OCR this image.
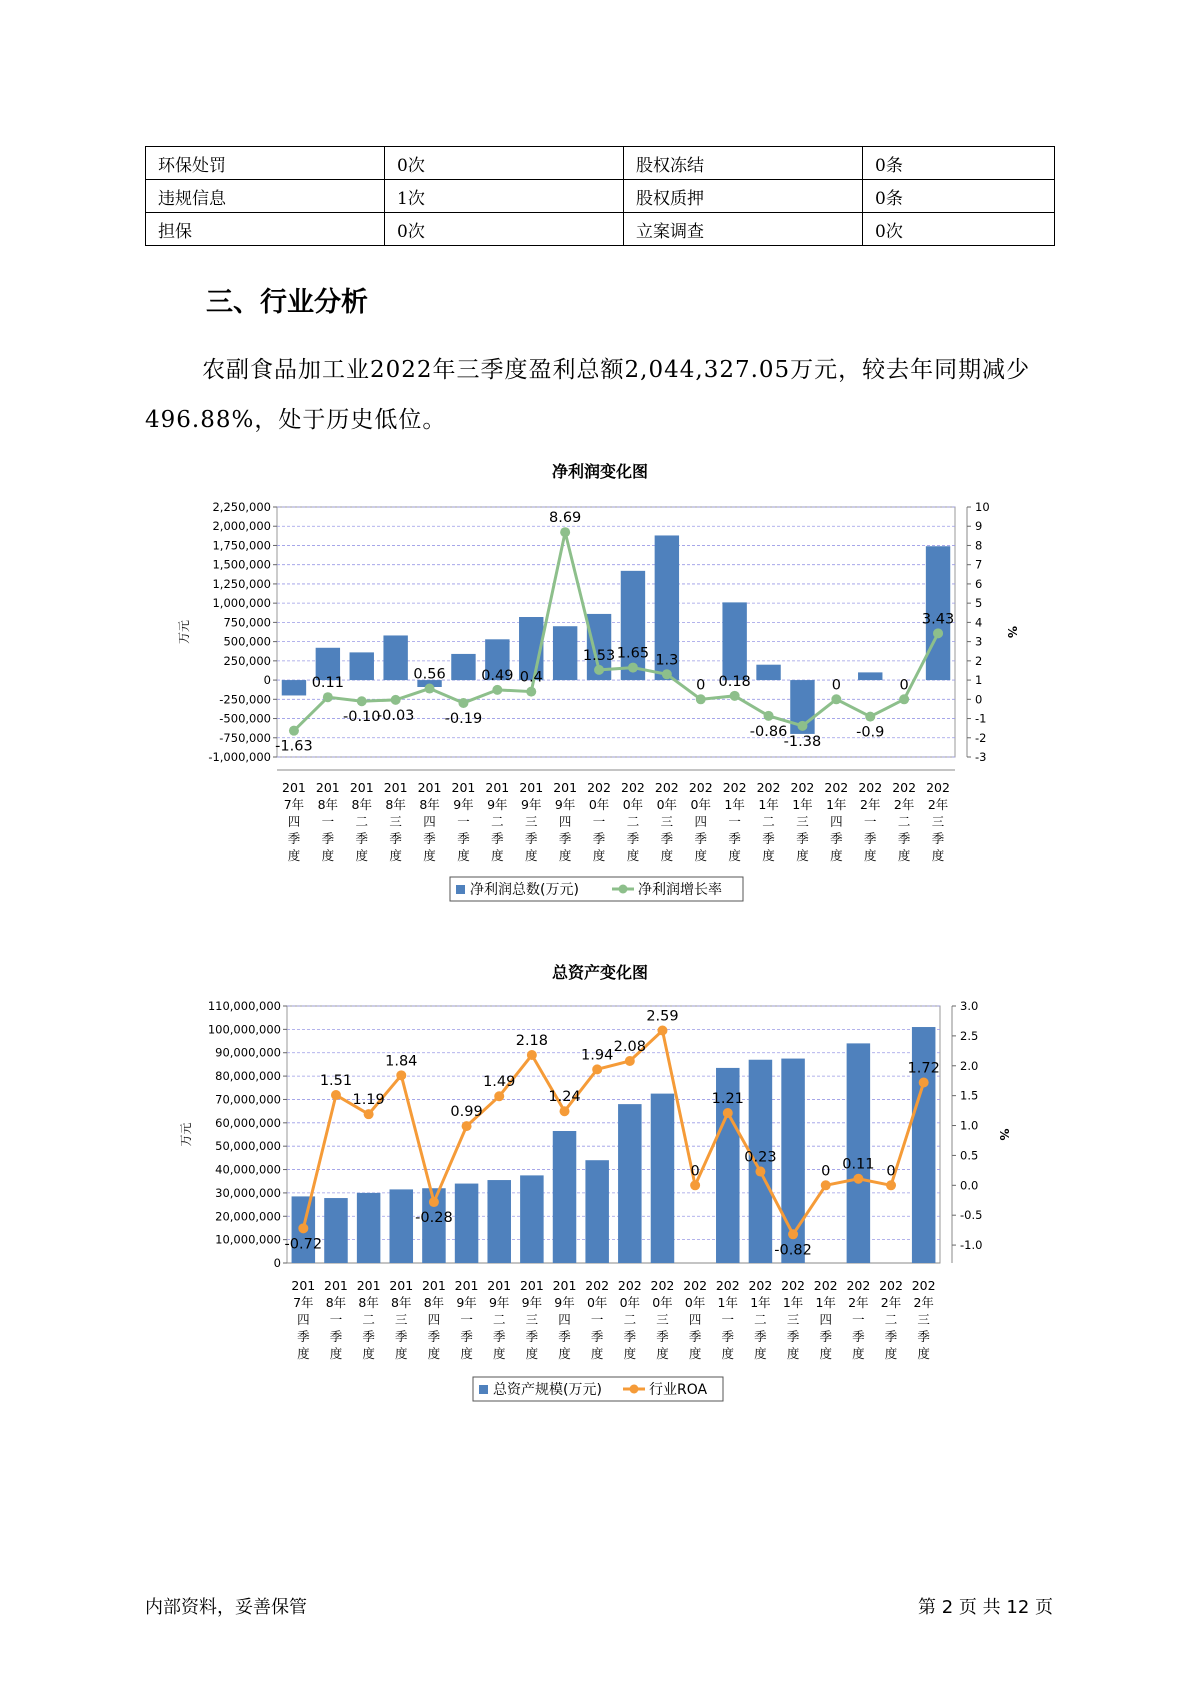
环保处罚	0次	股权冻结	0条
违规信息	1次	股权质押	0条
担保	0次	立案调查	0次
三、行业分析
农副食品加工业2022年三季度盈利总额2,044,327.05万元，较去年同期减少496.88%，处于历史低位。
净利润变化图
2,250,000
2,000,000
1,750,000
1,500,000
1,250,000
1,000,000
750,000
500,000
250,000
0
-250,000
-500,000
-750,000
-1,000,000
10
9
8
7
6
5
4
3
2
1
0
-1
-2
-3
万元	%
-1.63
0.11
-0.10
-0.03
0.56
-0.19
0.49 0.4
8.69
1.53 1.65 1.3
0 0.18
-0.86
-1.38
0
-0.9
0
3.43
201
7年
四
季
度
201
8年
一
季
度
201
8年
二
季
度
201
8年
三
季
度
201
8年
四
季
度
201
9年
一
季
度
201
9年
二
季
度
201
9年
三
季
度
201
9年
四
季
度
202
0年
一
季
度
202
0年
二
季
度
202
0年
三
季
度
202
0年
四
季
度
202
1年
一
季
度
202
1年
二
季
度
202
1年
三
季
度
202
1年
四
季
度
202
2年
一
季
度
202
2年
二
季
度
202
2年
三
季
度
净利润总数(万元)	净利润增长率
总资产变化图
110,000,000
100,000,000
90,000,000
80,000,000
70,000,000
60,000,000
50,000,000
40,000,000
30,000,000
20,000,000
10,000,000
0
3.0
2.5
2.0
1.5
1.0
0.5
0.0
-0.5
-1.0
万元	%
-0.72
1.51
1.19
1.84
-0.28
0.99
1.49
2.18
1.24
1.94
2.08
2.59
0
1.21
0.23
-0.82
0 0.11 0
1.72
201
7年
四
季
度
201
8年
一
季
度
201
8年
二
季
度
201
8年
三
季
度
201
8年
四
季
度
201
9年
一
季
度
201
9年
二
季
度
201
9年
三
季
度
201
9年
四
季
度
202
0年
一
季
度
202
0年
二
季
度
202
0年
三
季
度
202
0年
四
季
度
202
1年
一
季
度
202
1年
二
季
度
202
1年
三
季
度
202
1年
四
季
度
202
2年
一
季
度
202
2年
二
季
度
202
2年
三
季
度
总资产规模(万元)	行业ROA
内部资料，妥善保管	第 2 页 共 12 页
